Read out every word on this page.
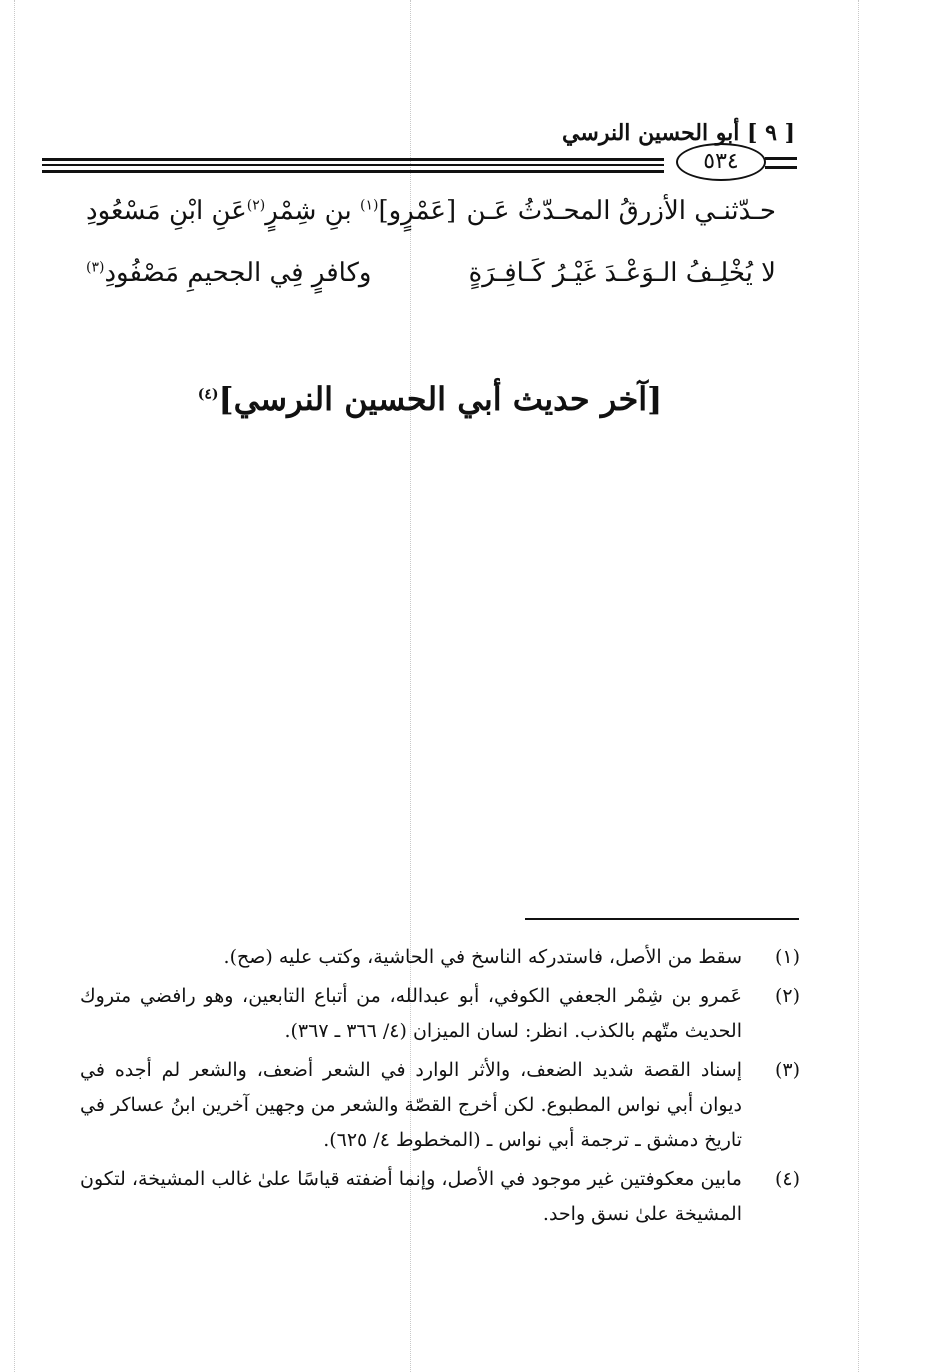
[ ٩ ] أبو الحسين النرسي
٥٣٤
حـدّثنـي الأزرقُ المحـدّثُ عَـن
[عَمْرٍو]$^{(١)}$ بنِ شِمْرٍ$^{(٢)}$عَنِ ابْنِ مَسْعُودِ
لا يُخْلِـفُ الـوَعْـدَ غَيْـرُ كَـافِـرَةٍ
وكافرٍ فِي الجحيمِ مَصْفُودِ$^{(٣)}$
[آخر حديث أبي الحسين النرسي]$^{(٤)}$
(١)
سقط من الأصل، فاستدركه الناسخ في الحاشية، وكتب عليه (صح).
(٢)
عَمرو بن شِمْر الجعفي الكوفي، أبو عبدالله، من أتباع التابعين، وهو رافضي متروك الحديث متّهم بالكذب. انظر: لسان الميزان (٤/ ٣٦٦ ـ ٣٦٧).
(٣)
إسناد القصة شديد الضعف، والأثر الوارد في الشعر أضعف، والشعر لم أجده في ديوان أبي نواس المطبوع. لكن أخرج القصّة والشعر من وجهين آخرين ابنُ عساكر في تاريخ دمشق ـ ترجمة أبي نواس ـ (المخطوط ٤/ ٦٢٥).
(٤)
مابين معكوفتين غير موجود في الأصل، وإنما أضفته قياسًا علىٰ غالب المشيخة، لتكون المشيخة علىٰ نسق واحد.
